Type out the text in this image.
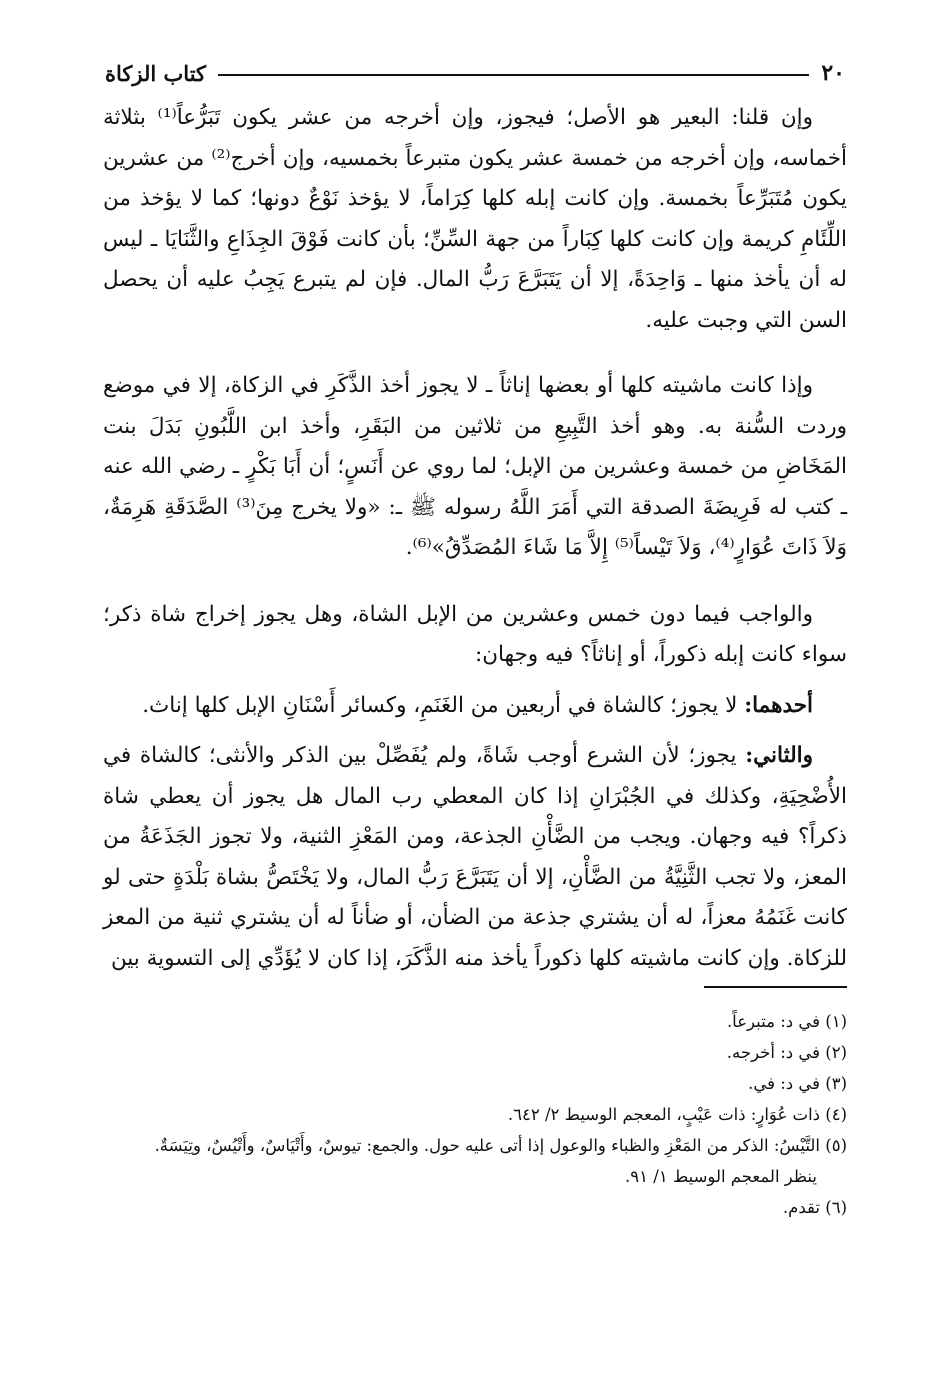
٢٠
كتاب الزكاة

وإن قلنا: البعير هو الأصل؛ فيجوز، وإن أخرجه من عشر يكون تَبَرُّعاً⁽¹⁾ بثلاثة أخماسه، وإن أخرجه من خمسة عشر يكون متبرعاً بخمسيه، وإن أخرج⁽²⁾ من عشرين يكون مُتَبَرِّعاً بخمسة. وإن كانت إبله كلها كِرَاماً، لا يؤخذ نَوْعٌ دونها؛ كما لا يؤخذ من اللِّئَامِ كريمة وإن كانت كلها كِبَاراً من جهة السِّنِّ؛ بأن كانت فَوْقَ الجِذَاعِ والثَّنَايَا ـ ليس له أن يأخذ منها ـ وَاحِدَةً، إلا أن يَتَبَرَّعَ رَبُّ المال. فإن لم يتبرع يَجِبُ عليه أن يحصل السن التي وجبت عليه.

وإذا كانت ماشيته كلها أو بعضها إناثاً ـ لا يجوز أخذ الذَّكَرِ في الزكاة، إلا في موضع وردت السُّنة به. وهو أخذ التَّبِيعِ من ثلاثين من البَقَرِ، وأخذ ابن اللَّبُونِ بَدَلَ بنت المَخَاضِ من خمسة وعشرين من الإبل؛ لما روي عن أَنَسٍ؛ أن أَبَا بَكْرٍ ـ رضي الله عنه ـ كتب له فَرِيضَةَ الصدقة التي أَمَرَ اللَّهُ رسوله ﷺ ـ: «ولا يخرج مِنَ⁽³⁾ الصَّدَقَةِ هَرِمَةٌ، وَلاَ ذَاتَ عُوَارٍ⁽⁴⁾، وَلاَ تَيْساً⁽⁵⁾ إِلاَّ مَا شَاءَ المُصَدِّقُ»⁽⁶⁾.

والواجب فيما دون خمس وعشرين من الإبل الشاة، وهل يجوز إخراج شاة ذكر؛ سواء كانت إبله ذكوراً، أو إناثاً؟ فيه وجهان:

أحدهما: لا يجوز؛ كالشاة في أربعين من الغَنَمِ، وكسائر أَسْنَانِ الإبل كلها إناث.

والثاني: يجوز؛ لأن الشرع أوجب شَاةً، ولم يُفَصِّلْ بين الذكر والأنثى؛ كالشاة في الأُضْحِيَةِ، وكذلك في الجُبْرَانِ إذا كان المعطي رب المال هل يجوز أن يعطي شاة ذكراً؟ فيه وجهان. ويجب من الضَّأْنِ الجذعة، ومن المَعْزِ الثنية، ولا تجوز الجَذَعَةُ من المعز، ولا تجب الثَّنِيَّةُ من الضَّأْنِ، إلا أن يَتَبَرَّعَ رَبُّ المال، ولا يَخْتَصُّ بشاة بَلْدَةٍ حتى لو كانت غَنَمُهُ معزاً، له أن يشتري جذعة من الضأن، أو ضأناً له أن يشتري ثنية من المعز للزكاة. وإن كانت ماشيته كلها ذكوراً يأخذ منه الذَّكَرَ، إذا كان لا يُؤَدِّي إلى التسوية بين

(١) في د: متبرعاً.

(٢) في د: أخرجه.

(٣) في د: في.

(٤) ذات عُوَارٍ: ذات عَيْبٍ، المعجم الوسيط ٢/ ٦٤٢.

(٥) التَّيْسُ: الذكر من المَعْزِ والظباء والوعول إذا أتى عليه حول. والجمع: تيوسٌ، وأَتْيَاسٌ، وأَتْيُسٌ، وتِيَسَةٌ.

ينظر المعجم الوسيط ١/ ٩١.

(٦) تقدم.
